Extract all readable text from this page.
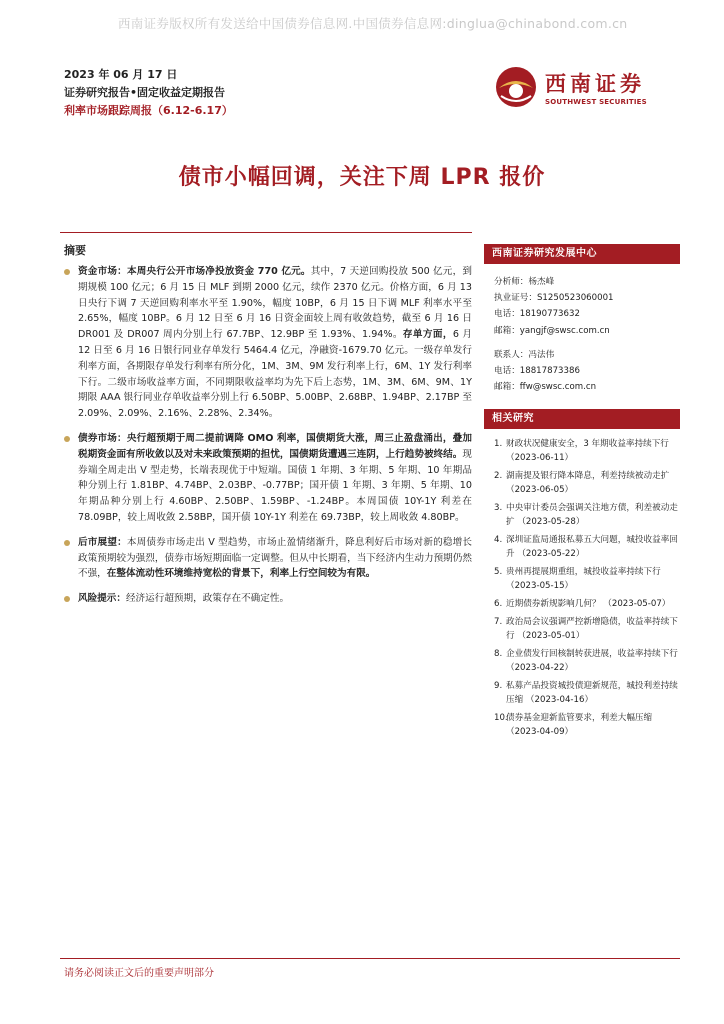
西南证券版权所有发送给中国债券信息网.中国债券信息网:dinglua@chinabond.com.cn
2023 年 06 月 17 日
证券研究报告•固定收益定期报告
利率市场跟踪周报（6.12-6.17）
西南证券
SOUTHWEST SECURITIES
债市小幅回调，关注下周 LPR 报价
摘要
资金市场：本周央行公开市场净投放资金 770 亿元。其中，7 天逆回购投放 500 亿元，到期规模 100 亿元；6 月 15 日 MLF 到期 2000 亿元，续作 2370 亿元。价格方面，6 月 13 日央行下调 7 天逆回购利率水平至 1.90%，幅度 10BP，6 月 15 日下调 MLF 利率水平至 2.65%，幅度 10BP。6 月 12 日至 6 月 16 日资金面较上周有收敛趋势，截至 6 月 16 日 DR001 及 DR007 周内分别上行 67.7BP、12.9BP 至 1.93%、1.94%。存单方面，6 月 12 日至 6 月 16 日银行同业存单发行 5464.4 亿元，净融资-1679.70 亿元。一级存单发行利率方面，各期限存单发行利率有所分化，1M、3M、9M 发行利率上行，6M、1Y 发行利率下行。二级市场收益率方面，不同期限收益率均为先下后上态势，1M、3M、6M、9M、1Y 期限 AAA 银行同业存单收益率分别上行 6.50BP、5.00BP、2.68BP、1.94BP、2.17BP 至 2.09%、2.09%、2.16%、2.28%、2.34%。
债券市场：央行超预期于周二提前调降 OMO 利率，国债期货大涨，周三止盈盘涌出，叠加税期资金面有所收敛以及对未来政策预期的担忧，国债期货遭遇三连阴，上行趋势被终结。现券端全周走出 V 型走势，长端表现优于中短端。国债 1 年期、3 年期、5 年期、10 年期品种分别上行 1.81BP、4.74BP、2.03BP、-0.77BP；国开债 1 年期、3 年期、5 年期、10 年期品种分别上行 4.60BP、2.50BP、1.59BP、-1.24BP。本周国债 10Y-1Y 利差在 78.09BP，较上周收敛 2.58BP，国开债 10Y-1Y 利差在 69.73BP，较上周收敛 4.80BP。
后市展望：本周债券市场走出 V 型趋势，市场止盈情绪渐升，降息利好后市场对新的稳增长政策预期较为强烈，债券市场短期面临一定调整。但从中长期看，当下经济内生动力预期仍然不强，在整体流动性环境维持宽松的背景下，利率上行空间较为有限。
风险提示：经济运行超预期，政策存在不确定性。
西南证券研究发展中心
分析师：杨杰峰
执业证号：S1250523060001
电话：18190773632
邮箱：yangjf@swsc.com.cn
联系人：冯法伟
电话：18817873386
邮箱：ffw@swsc.com.cn
相关研究
1. 财政状况健康安全，3 年期收益率持续下行 （2023-06-11）
2. 湖南提及银行降本降息，利差持续被动走扩 （2023-06-05）
3. 中央审计委员会强调关注地方债，利差被动走扩 （2023-05-28）
4. 深圳证监局通报私募五大问题，城投收益率回升 （2023-05-22）
5. 贵州再提展期重组，城投收益率持续下行 （2023-05-15）
6. 近期债券新规影响几何？ （2023-05-07）
7. 政治局会议强调严控新增隐债，收益率持续下行 （2023-05-01）
8. 企业债发行回核制转获进展，收益率持续下行 （2023-04-22）
9. 私募产品投资城投债迎新规范，城投利差持续压缩 （2023-04-16）
10.
债券基金迎新监管要求，利差大幅压缩 （2023-04-09）
请务必阅读正文后的重要声明部分
